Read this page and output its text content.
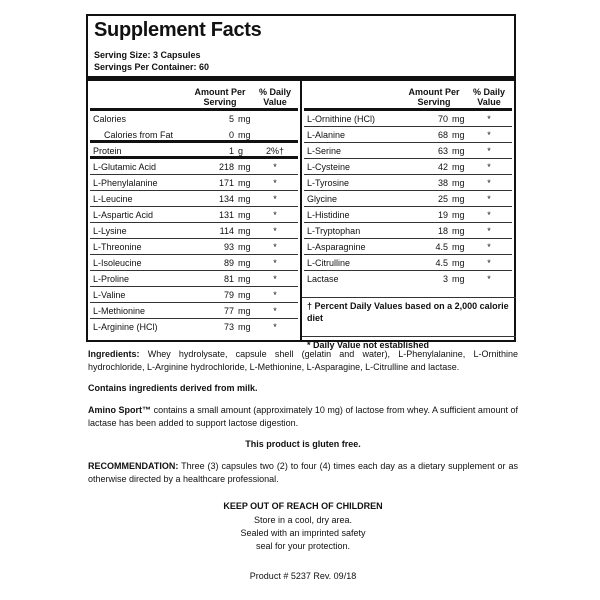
Supplement Facts
Serving Size: 3 Capsules
Servings Per Container: 60
Amount Per Serving
% Daily Value
Calories	5 mg
Calories from Fat	0 mg
Protein	1 g	2%†
L-Glutamic Acid	218 mg	*
L-Phenylalanine	171 mg	*
L-Leucine	134 mg	*
L-Aspartic Acid	131 mg	*
L-Lysine	114 mg	*
L-Threonine	93 mg	*
L-Isoleucine	89 mg	*
L-Proline	81 mg	*
L-Valine	79 mg	*
L-Methionine	77 mg	*
L-Arginine (HCl)	73 mg	*
Amount Per Serving
% Daily Value
L-Ornithine (HCl)	70 mg	*
L-Alanine	68 mg	*
L-Serine	63 mg	*
L-Cysteine	42 mg	*
L-Tyrosine	38 mg	*
Glycine	25 mg	*
L-Histidine	19 mg	*
L-Tryptophan	18 mg	*
L-Asparagnine	4.5 mg	*
L-Citrulline	4.5 mg	*
Lactase	3 mg	*
† Percent Daily Values based on a 2,000 calorie diet
* Daily Value not established
Ingredients: Whey hydrolysate, capsule shell (gelatin and water), L-Phenylalanine, L-Ornithine hydrochloride, L-Arginine hydrochloride, L-Methionine, L-Asparagine, L-Citrulline and lactase.
Contains ingredients derived from milk.
Amino Sport™ contains a small amount (approximately 10 mg) of lactose from whey. A sufficient amount of lactase has been added to support lactose digestion.
This product is gluten free.
RECOMMENDATION: Three (3) capsules two (2) to four (4) times each day as a dietary supplement or as otherwise directed by a healthcare professional.
KEEP OUT OF REACH OF CHILDREN
Store in a cool, dry area.
Sealed with an imprinted safety
seal for your protection.
Product # 5237 Rev. 09/18
